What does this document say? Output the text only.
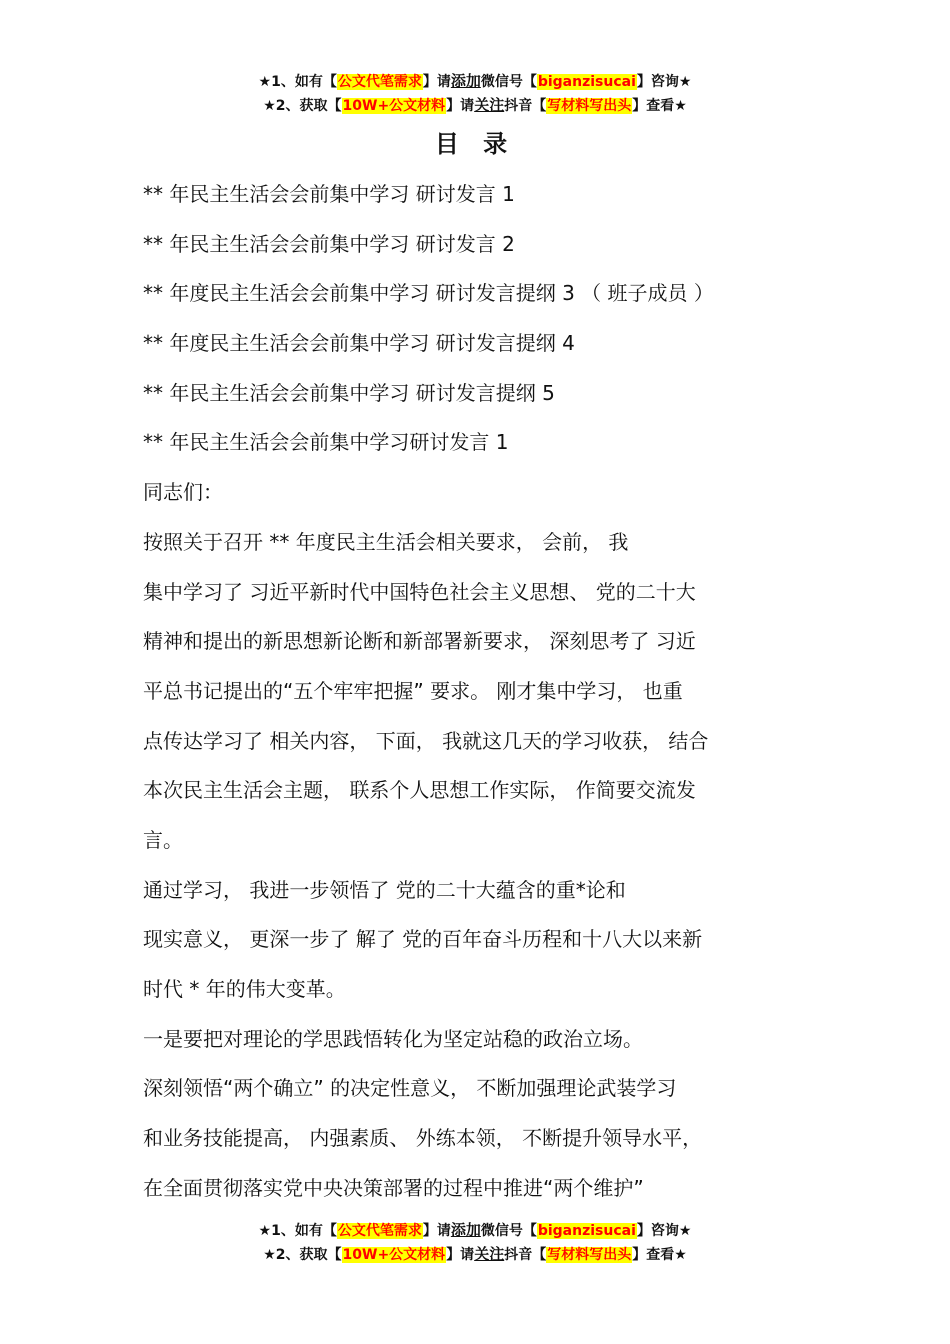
★1、如有【公文代笔需求】请添加微信号【biganzisucai】咨询★
★2、获取【10W+公文材料】请关注抖音【写材料写出头】查看★
目 录
** 年民主生活会会前集中学习 研讨发言 1
** 年民主生活会会前集中学习 研讨发言 2
** 年度民主生活会会前集中学习 研讨发言提纲 3 （ 班子成员 ）
** 年度民主生活会会前集中学习 研讨发言提纲 4
** 年民主生活会会前集中学习 研讨发言提纲 5
** 年民主生活会会前集中学习研讨发言 1
同志们：
按照关于召开 ** 年度民主生活会相关要求， 会前， 我
集中学习了 习近平新时代中国特色社会主义思想、 党的二十大
精神和提出的新思想新论断和新部署新要求， 深刻思考了 习近
平总书记提出的“五个牢牢把握” 要求。 刚才集中学习， 也重
点传达学习了 相关内容， 下面， 我就这几天的学习收获， 结合
本次民主生活会主题， 联系个人思想工作实际， 作简要交流发
言。
通过学习， 我进一步领悟了 党的二十大蕴含的重*论和
现实意义， 更深一步了 解了 党的百年奋斗历程和十八大以来新
时代 * 年的伟大变革。
一是要把对理论的学思践悟转化为坚定站稳的政治立场。
深刻领悟“两个确立” 的决定性意义， 不断加强理论武装学习
和业务技能提高， 内强素质、 外练本领， 不断提升领导水平，
在全面贯彻落实党中央决策部署的过程中推进“两个维护”
★1、如有【公文代笔需求】请添加微信号【biganzisucai】咨询★
★2、获取【10W+公文材料】请关注抖音【写材料写出头】查看★
